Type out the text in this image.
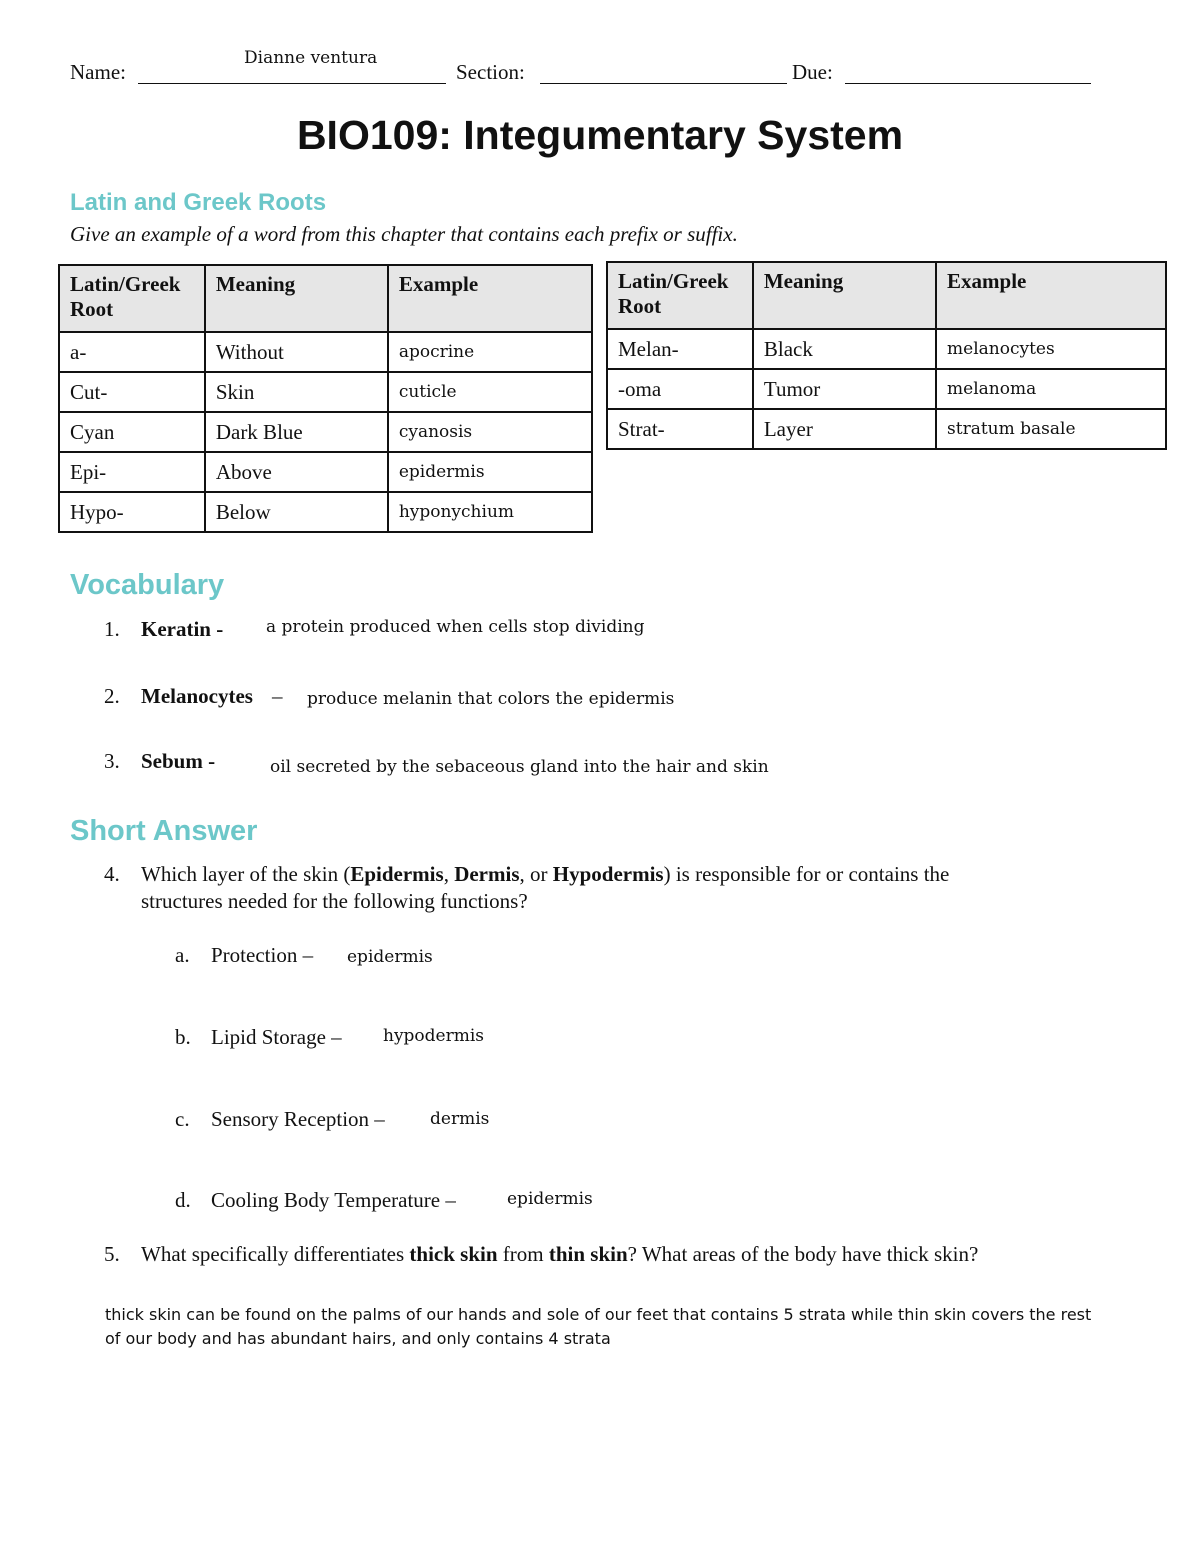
Name:
Dianne ventura
Section:	Due:
BIO109: Integumentary System
Latin and Greek Roots
Give an example of a word from this chapter that contains each prefix or suffix.
Latin/Greek Root	Meaning	Example
a-	Without	apocrine
Cut-	Skin	cuticle
Cyan	Dark Blue	cyanosis
Epi-	Above	epidermis
Hypo-	Below	hyponychium
Latin/Greek Root	Meaning	Example
Melan-	Black	melanocytes
-oma	Tumor	melanoma
Strat-	Layer	stratum basale
Vocabulary
1. Keratin -	a protein produced when cells stop dividing
2. Melanocytes – produce melanin that colors the epidermis
3. Sebum -	oil secreted by the sebaceous gland into the hair and skin
Short Answer
4. Which layer of the skin (Epidermis, Dermis, or Hypodermis) is responsible for or contains the
structures needed for the following functions?
a. Protection – epidermis
b. Lipid Storage – hypodermis
c. Sensory Reception –	dermis
d. Cooling Body Temperature –	epidermis
5. What specifically differentiates thick skin from thin skin? What areas of the body have thick skin?
thick skin can be found on the palms of our hands and sole of our feet that contains 5 strata while thin skin covers the rest
of our body and has abundant hairs, and only contains 4 strata
